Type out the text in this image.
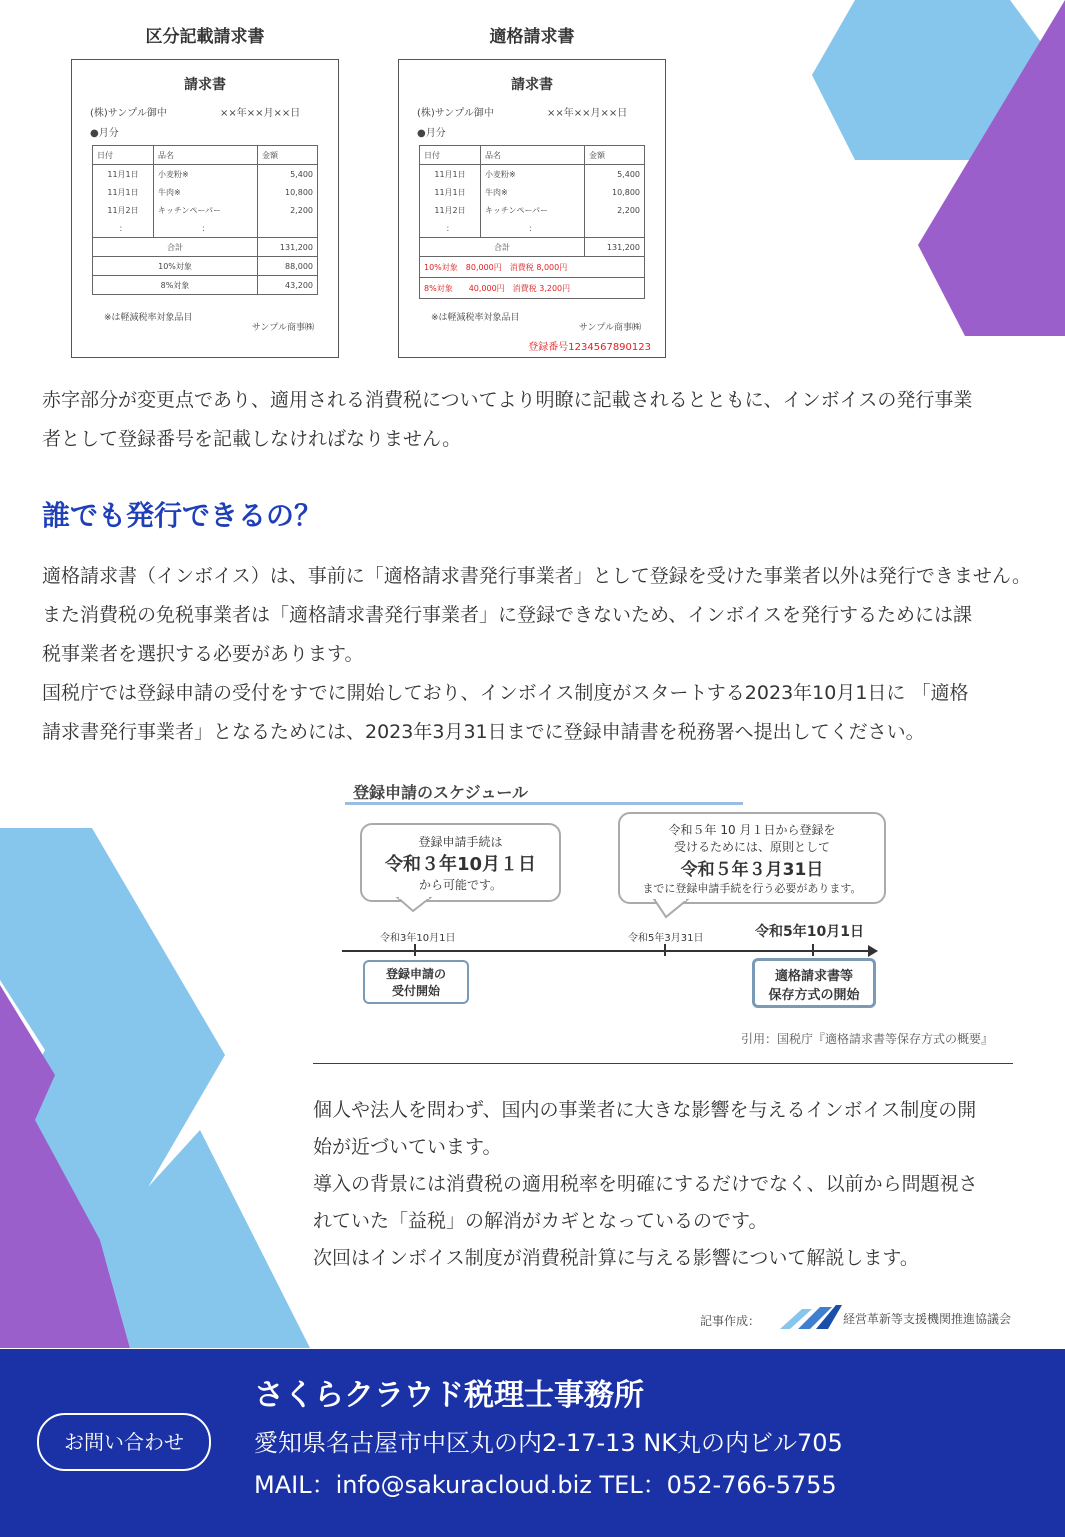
区分記載請求書
請求書
(株)サンプル御中	××年××月××日
●月分
日付	品名	金額
11月1日	小麦粉※	5,400
11月1日	牛肉※	10,800
11月2日	キッチンペーパー	2,200
：	：	
合計		131,200
10%対象		88,000
8%対象		43,200
※は軽減税率対象品目
サンプル商事㈱
適格請求書
請求書
(株)サンプル御中	××年××月××日
●月分
日付	品名	金額
11月1日	小麦粉※	5,400
11月1日	牛肉※	10,800
11月2日	キッチンペーパー	2,200
：	：	
合計		131,200
10%対象　80,000円　消費税 8,000円		
8%対象　　40,000円　消費税 3,200円		
※は軽減税率対象品目
サンプル商事㈱
登録番号1234567890123
赤字部分が変更点であり、適用される消費税についてより明瞭に記載されるとともに、インボイスの発行事業
者として登録番号を記載しなければなりません。
誰でも発行できるの？
適格請求書（インボイス）は、事前に「適格請求書発行事業者」として登録を受けた事業者以外は発行できません。
また消費税の免税事業者は「適格請求書発行事業者」に登録できないため、インボイスを発行するためには課
税事業者を選択する必要があります。
国税庁では登録申請の受付をすでに開始しており、インボイス制度がスタートする2023年10月1日に 「適格
請求書発行事業者」となるためには、2023年3月31日までに登録申請書を税務署へ提出してください。
登録申請のスケジュール
登録申請手続は
令和３年10月１日
から可能です。
令和５年 10 月１日から登録を
受けるためには、原則として
令和５年３月31日
までに登録申請手続を行う必要があります。
令和3年10月1日	令和5年3月31日	令和5年10月1日
登録申請の
受付開始
適格請求書等
保存方式の開始
引用：国税庁『適格請求書等保存方式の概要』
個人や法人を問わず、国内の事業者に大きな影響を与えるインボイス制度の開
始が近づいています。
導入の背景には消費税の適用税率を明確にするだけでなく、以前から問題視さ
れていた「益税」の解消がカギとなっているのです。
次回はインボイス制度が消費税計算に与える影響について解説します。
記事作成：	経営革新等支援機関推進協議会
お問い合わせ
さくらクラウド税理士事務所
愛知県名古屋市中区丸の内2-17-13 NK丸の内ビル705
MAIL：info@sakuracloud.biz TEL：052-766-5755
